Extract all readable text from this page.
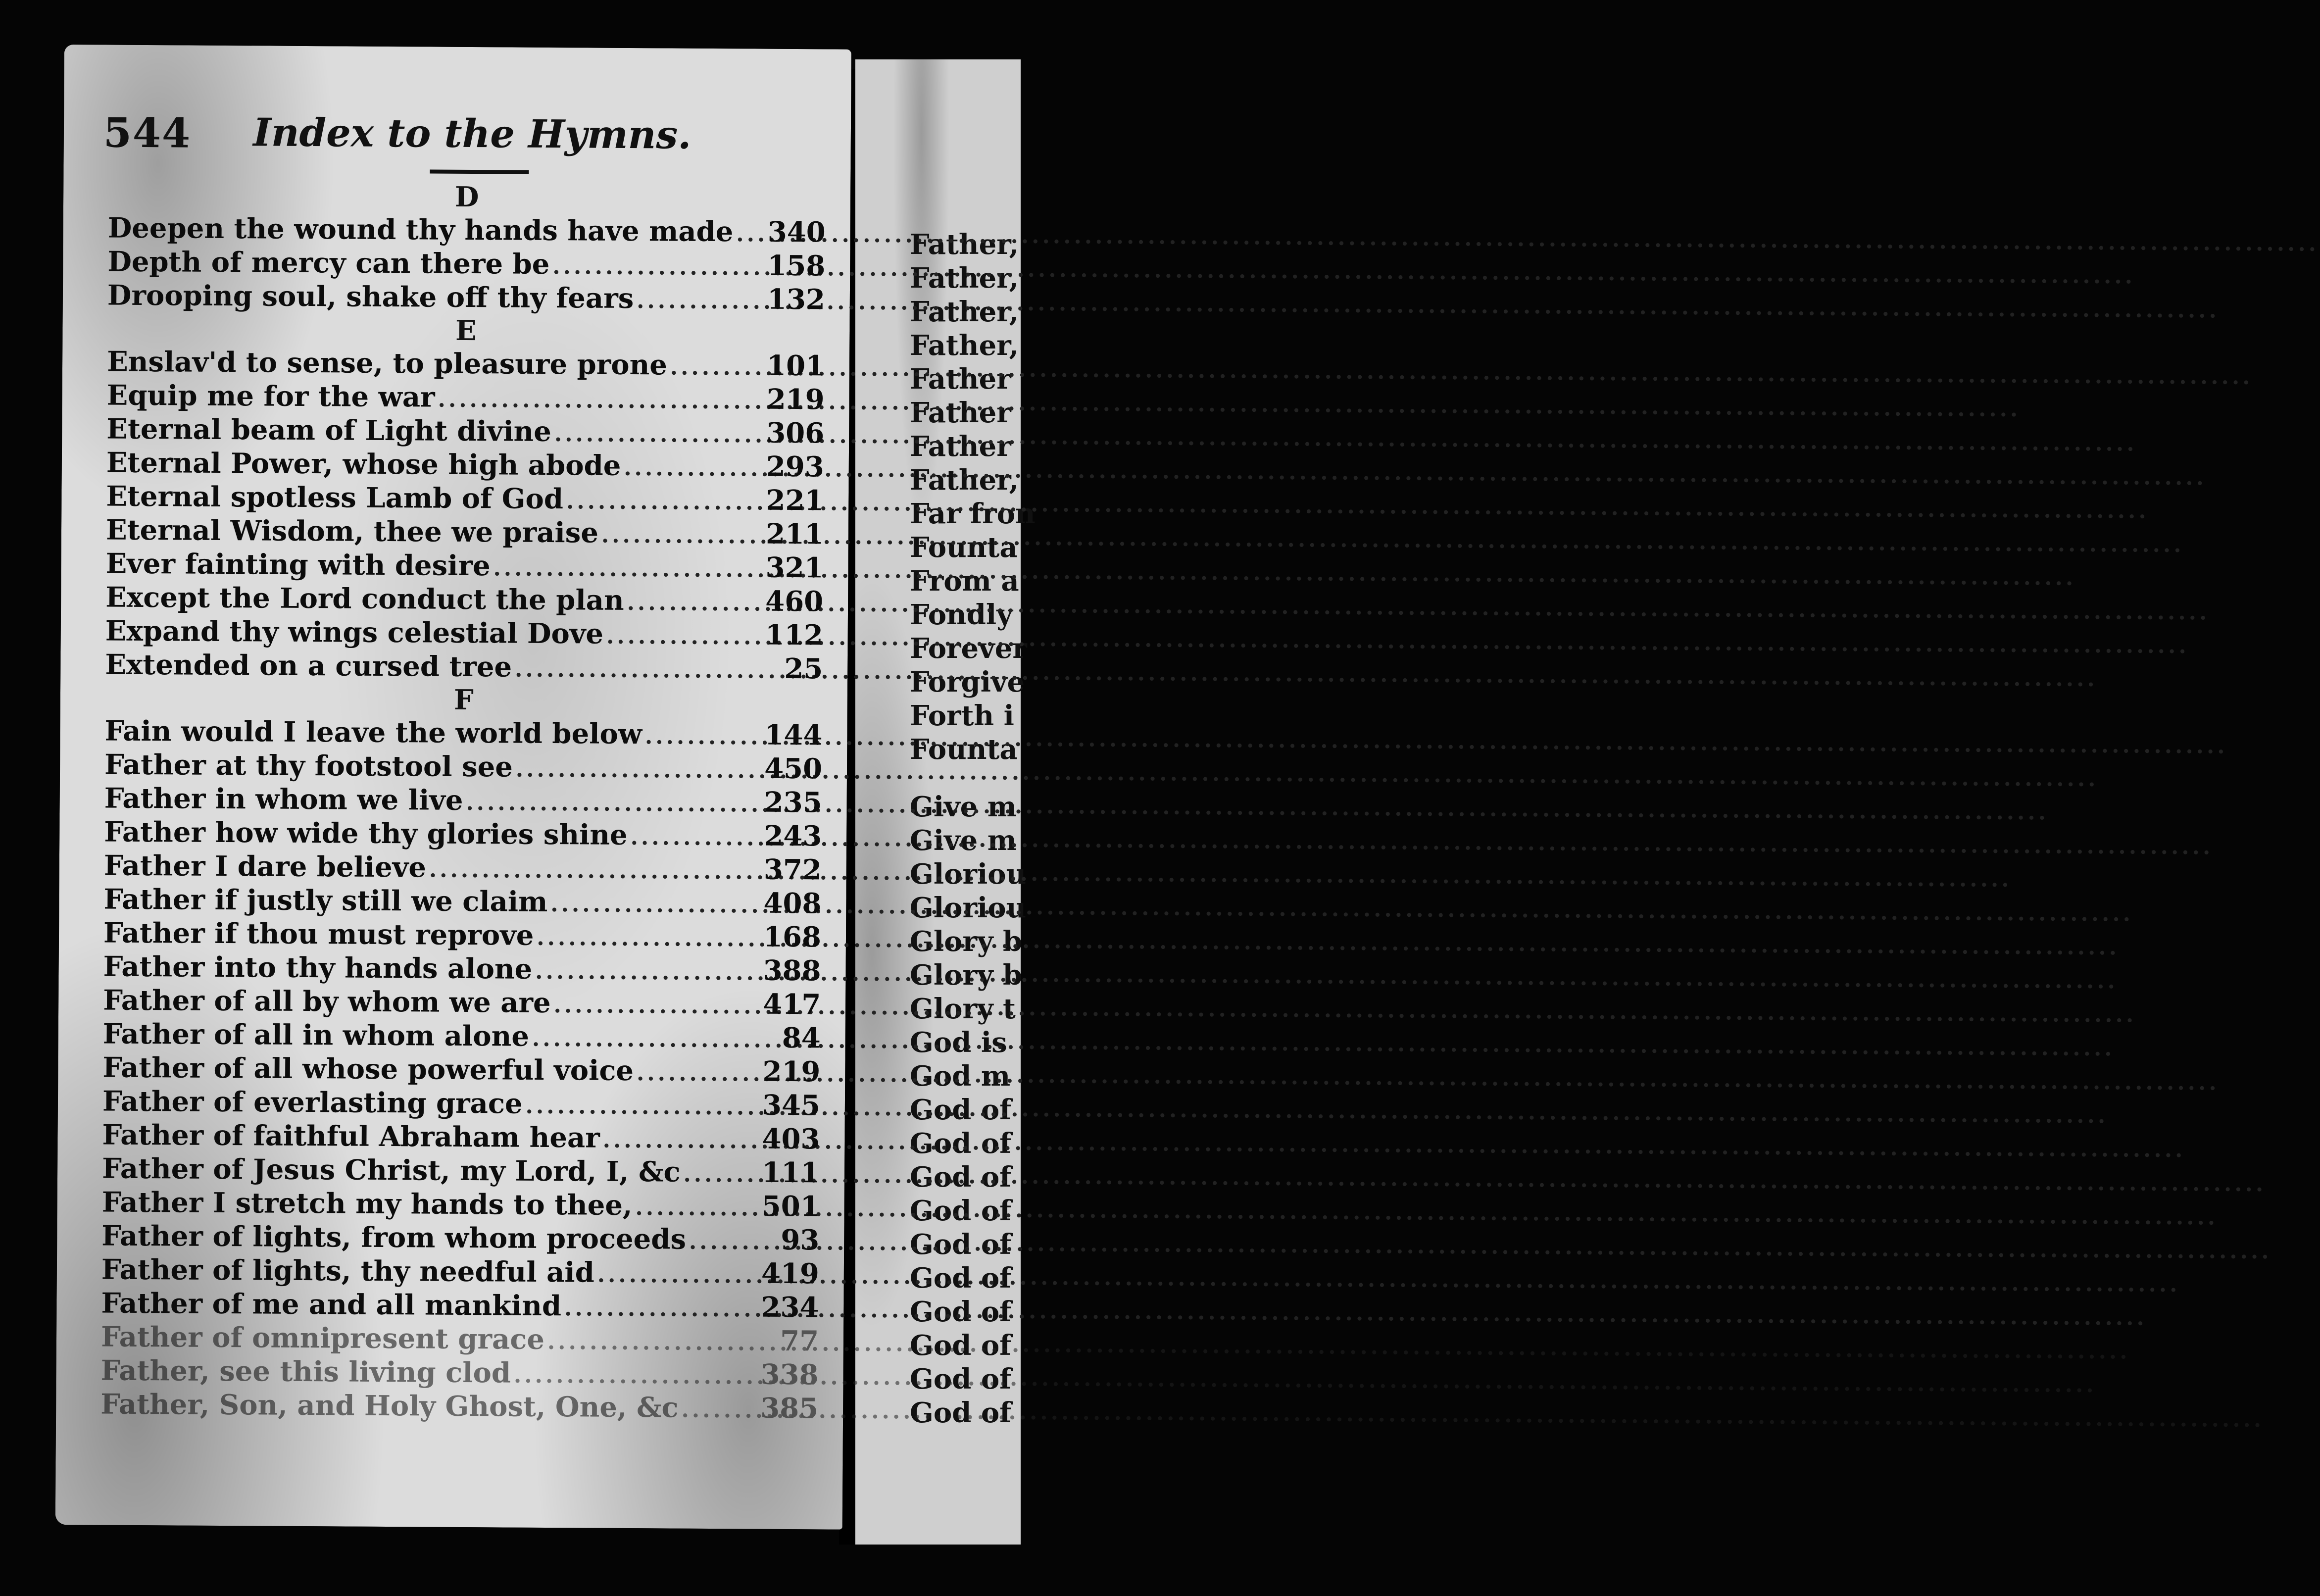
Father,
Father,
Father,
Father,
Father
Father
Father
Father,
Far fron
Founta
From a
Fondly
Forever
Forgive
Forth i
Founta
Give m
Give m
Gloriou
Gloriou
Glory b
Glory b
Glory t
God is
God m
God of
God of
God of
God of
God of
God of
God of
God of
God of
God of
544	Index to the Hymns.
D
Deepen the wound thy hands have made ..... 340
Depth of mercy can there be .....	158
Drooping soul, shake off thy fears .....	132
E
Enslav'd to sense, to pleasure prone .....	101
Equip me for the war .....	219
Eternal beam of Light divine .....	306
Eternal Power, whose high abode .....	293
Eternal spotless Lamb of God .....	221
Eternal Wisdom, thee we praise .....	211
Ever fainting with desire .....	321
Except the Lord conduct the plan .....	460
Expand thy wings celestial Dove .....	112
Extended on a cursed tree .....	25
F
Fain would I leave the world below .....	144
Father at thy footstool see .....	450
Father in whom we live .....	235
Father how wide thy glories shine .....	243
Father I dare believe .....	372
Father if justly still we claim .....	408
Father if thou must reprove .....	168
Father into thy hands alone .....	388
Father of all by whom we are .....	417
Father of all in whom alone .....	84
Father of all whose powerful voice .....	219
Father of everlasting grace .....	345
Father of faithful Abraham hear .....	403
Father of Jesus Christ, my Lord, I, &c .....	111
Father I stretch my hands to thee, .....	501
Father of lights, from whom proceeds .....	93
Father of lights, thy needful aid .....	419
Father of me and all mankind .....	234
Father of omnipresent grace .....	77
Father, see this living clod .....	338
Father, Son, and Holy Ghost, One, &c .....	385
